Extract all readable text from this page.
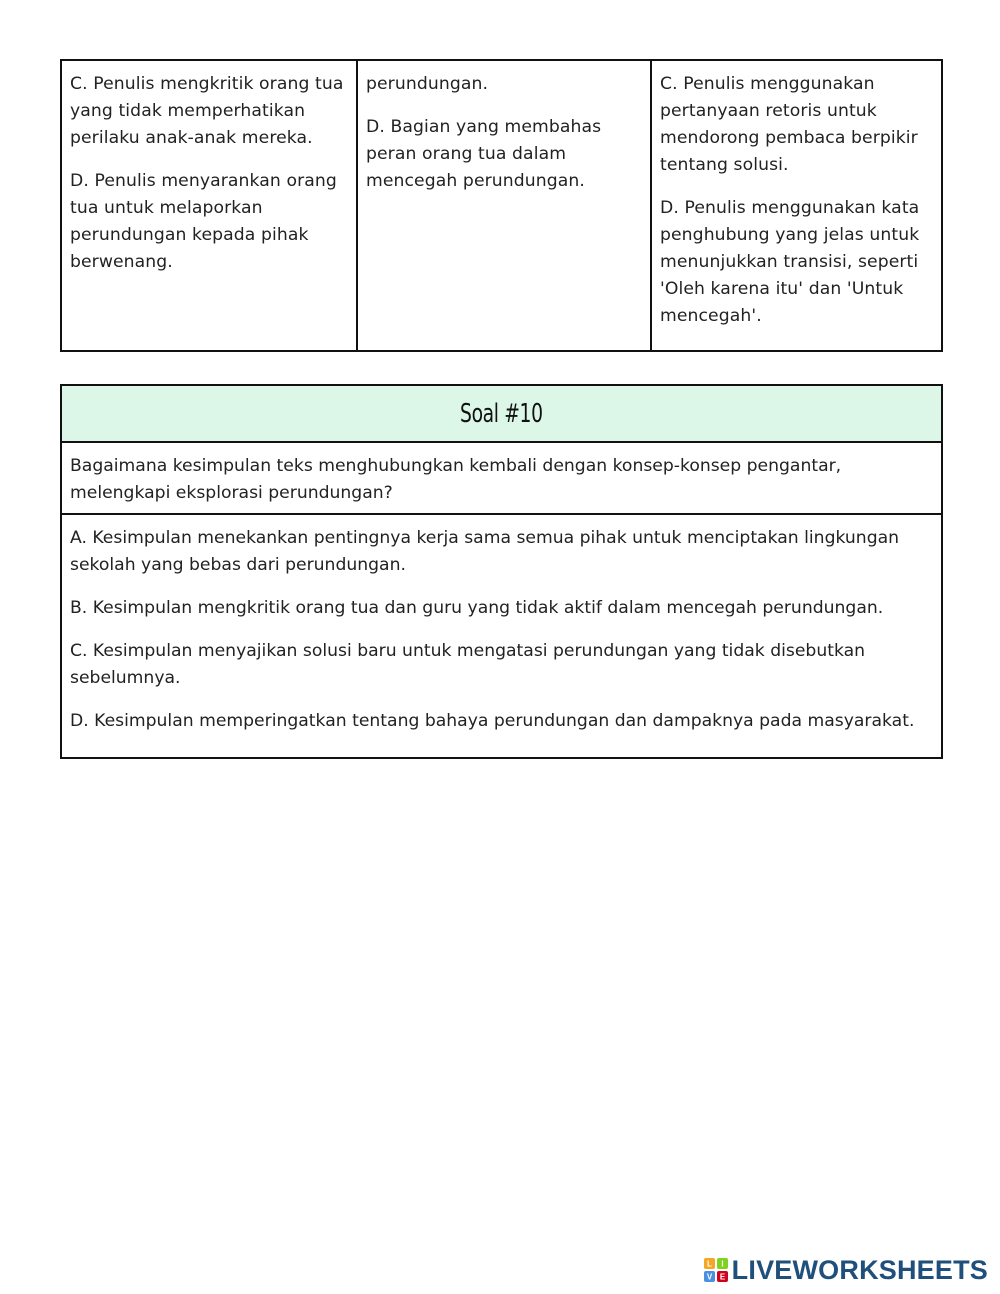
C. Penulis mengkritik orang tua yang tidak memperhatikan perilaku anak-anak mereka.

D. Penulis menyarankan orang tua untuk melaporkan perundungan kepada pihak berwenang.

perundungan.

D. Bagian yang membahas peran orang tua dalam mencegah perundungan.

C. Penulis menggunakan pertanyaan retoris untuk mendorong pembaca berpikir tentang solusi.

D. Penulis menggunakan kata penghubung yang jelas untuk menunjukkan transisi, seperti 'Oleh karena itu' dan 'Untuk mencegah'.

Soal #10
Bagaimana kesimpulan teks menghubungkan kembali dengan konsep-konsep pengantar, melengkapi eksplorasi perundungan?

A. Kesimpulan menekankan pentingnya kerja sama semua pihak untuk menciptakan lingkungan sekolah yang bebas dari perundungan.

B. Kesimpulan mengkritik orang tua dan guru yang tidak aktif dalam mencegah perundungan.

C. Kesimpulan menyajikan solusi baru untuk mengatasi perundungan yang tidak disebutkan sebelumnya.

D. Kesimpulan memperingatkan tentang bahaya perundungan dan dampaknya pada masyarakat.

L I
V E LIVEWORKSHEETS
